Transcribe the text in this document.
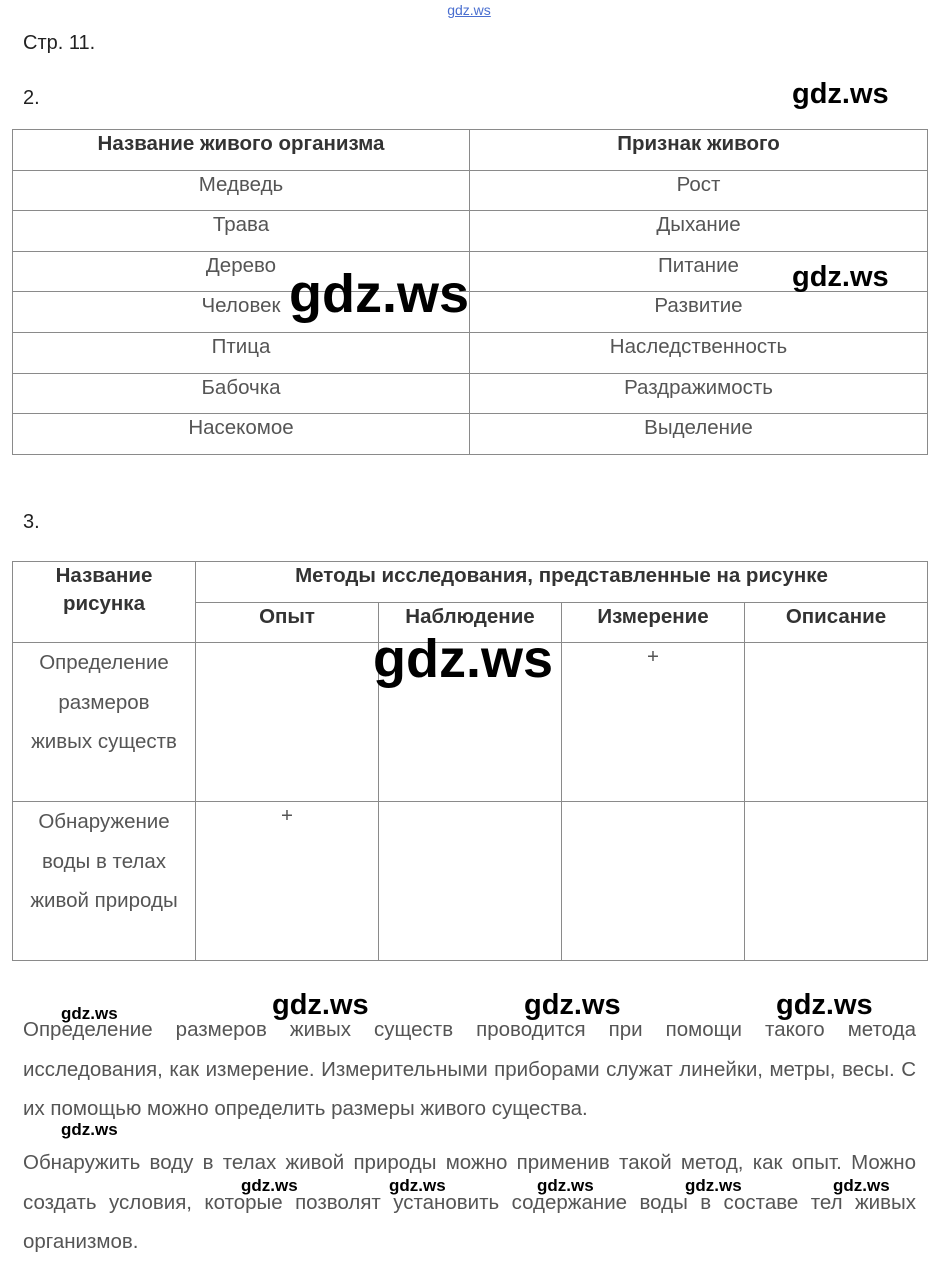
gdz.ws
Стр. 11.
2.
Название живого организма	Признак живого
Медведь	Рост
Трава	Дыхание
Дерево	Питание
Человек	Развитие
Птица	Наследственность
Бабочка	Раздражимость
Насекомое	Выделение
3.
Название рисунка	Методы исследования, представленные на рисунке			
	Опыт	Наблюдение	Измерение	Описание
Определение размеров живых существ			+	
Обнаружение воды в телах живой природы	+			
Определение размеров живых существ проводится при помощи такого метода исследования, как измерение. Измерительными приборами служат линейки, метры, весы. С их помощью можно определить размеры живого существа.
Обнаружить воду в телах живой природы можно применив такой метод, как опыт. Можно создать условия, которые позволят установить содержание воды в составе тел живых организмов.
gdz.ws
gdz.ws
gdz.ws
gdz.ws
gdz.ws	gdz.ws	gdz.ws	gdz.ws
gdz.ws
gdz.ws	gdz.ws	gdz.ws	gdz.ws	gdz.ws
